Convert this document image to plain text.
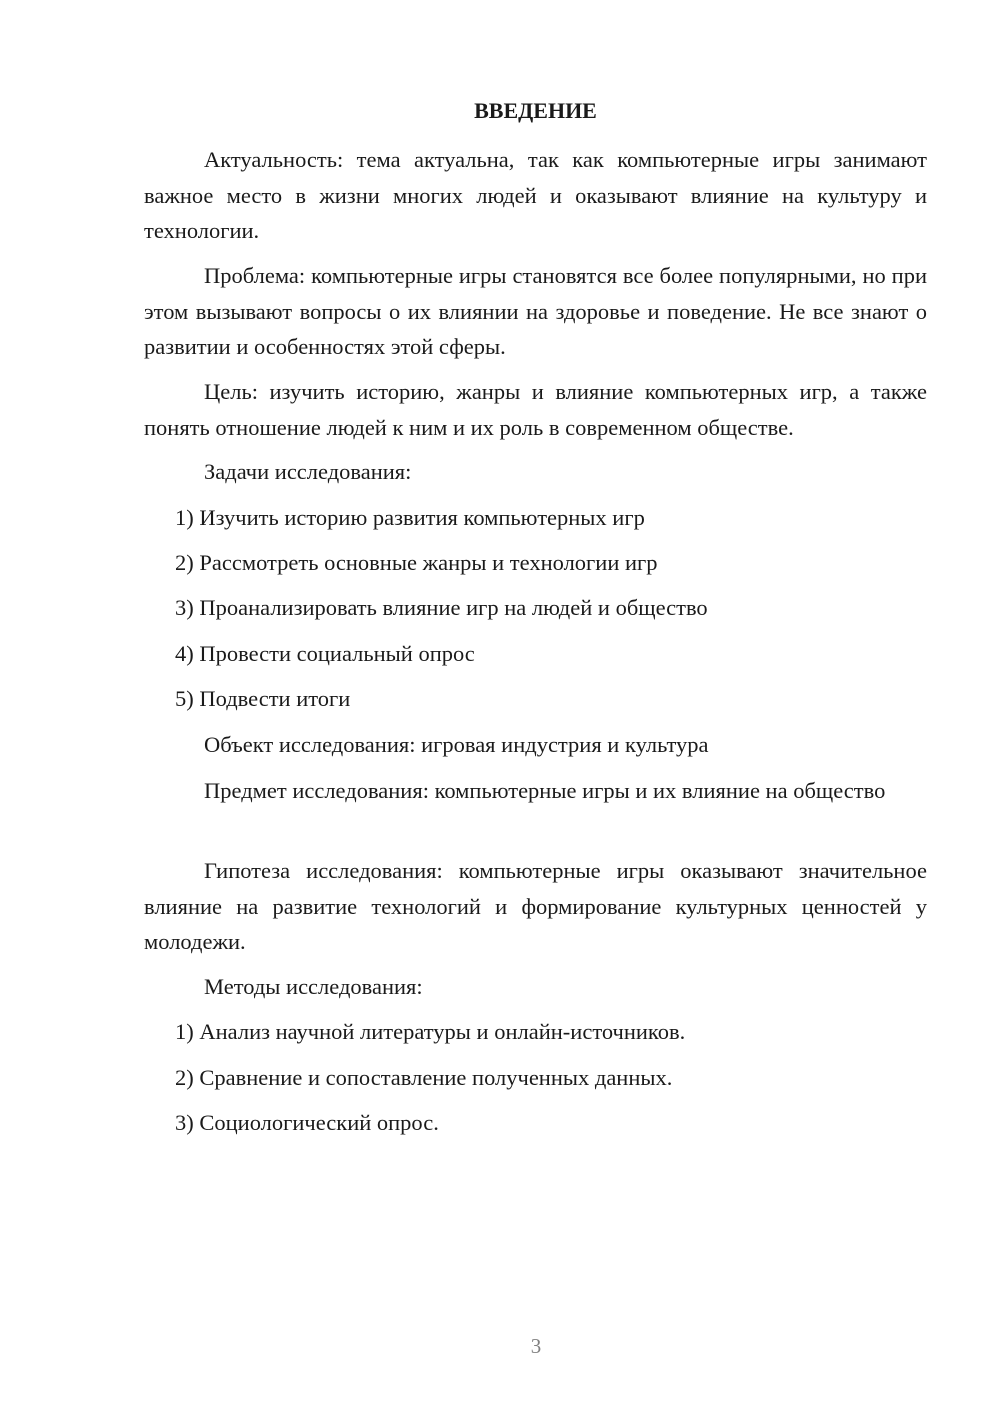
ВВЕДЕНИЕ

Актуальность: тема актуальна, так как компьютерные игры занимают важное место в жизни многих людей и оказывают влияние на культуру и технологии.

Проблема: компьютерные игры становятся все более популярными, но при этом вызывают вопросы о их влиянии на здоровье и поведение. Не все знают о развитии и особенностях этой сферы.

Цель: изучить историю, жанры и влияние компьютерных игр, а также понять отношение людей к ним и их роль в современном обществе.

Задачи исследования:

1) Изучить историю развития компьютерных игр

2) Рассмотреть основные жанры и технологии игр

3) Проанализировать влияние игр на людей и общество

4) Провести социальный опрос

5) Подвести итоги

Объект исследования: игровая индустрия и культура

Предмет исследования: компьютерные игры и их влияние на общество

Гипотеза исследования: компьютерные игры оказывают значительное влияние на развитие технологий и формирование культурных ценностей у молодежи.

Методы исследования:

1) Анализ научной литературы и онлайн-источников.

2) Сравнение и сопоставление полученных данных.

3) Социологический опрос.

3
